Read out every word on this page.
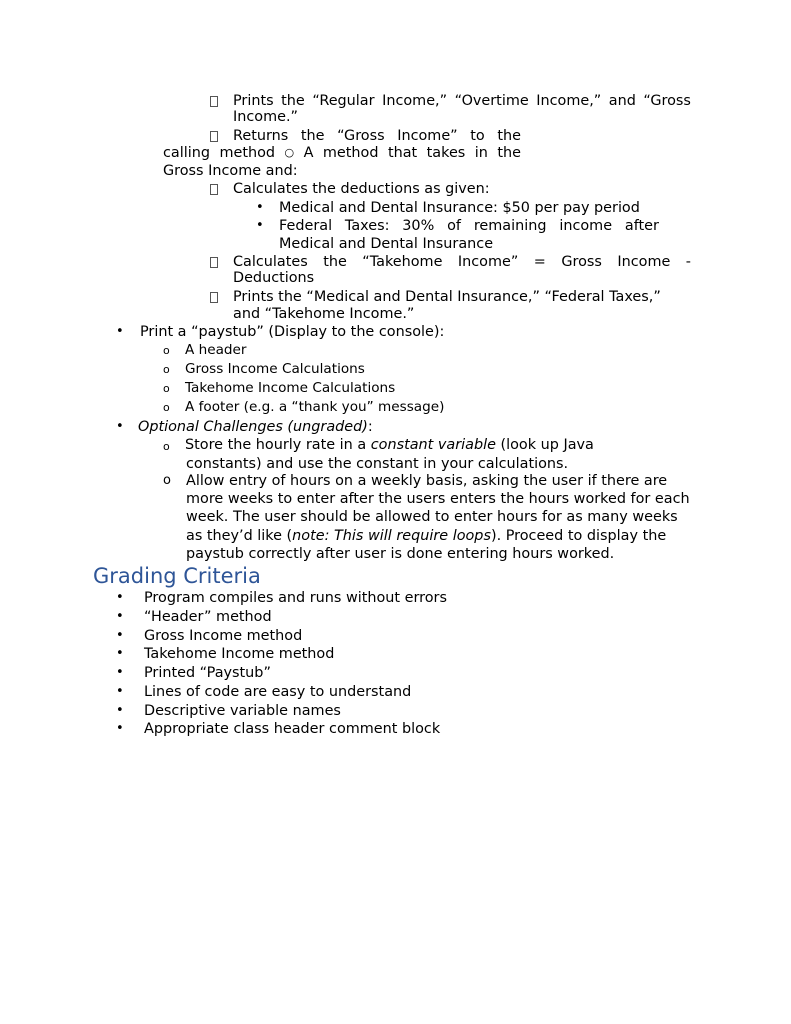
Prints the “Regular Income,” “Overtime Income,” and “Gross
Income.”
Returns the “Gross Income” to the
calling method ○ A method that takes in the
Gross Income and:
Calculates the deductions as given:
• Medical and Dental Insurance: $50 per pay period
• Federal Taxes: 30% of remaining income after
Medical and Dental Insurance
Calculates the “Takehome Income” = Gross Income -
Deductions
Prints the “Medical and Dental Insurance,” “Federal Taxes,”
and “Takehome Income.”
• Print a “paystub” (Display to the console):
o A header
o Gross Income Calculations
o Takehome Income Calculations
o A footer (e.g. a “thank you” message)
• Optional Challenges (ungraded):
o Store the hourly rate in a constant variable (look up Java
constants) and use the constant in your calculations.
o Allow entry of hours on a weekly basis, asking the user if there are
more weeks to enter after the users enters the hours worked for each
week. The user should be allowed to enter hours for as many weeks
as they’d like (note: This will require loops). Proceed to display the
paystub correctly after user is done entering hours worked.
Grading Criteria
• Program compiles and runs without errors
• “Header” method
• Gross Income method
• Takehome Income method
• Printed “Paystub”
• Lines of code are easy to understand
• Descriptive variable names
• Appropriate class header comment block
